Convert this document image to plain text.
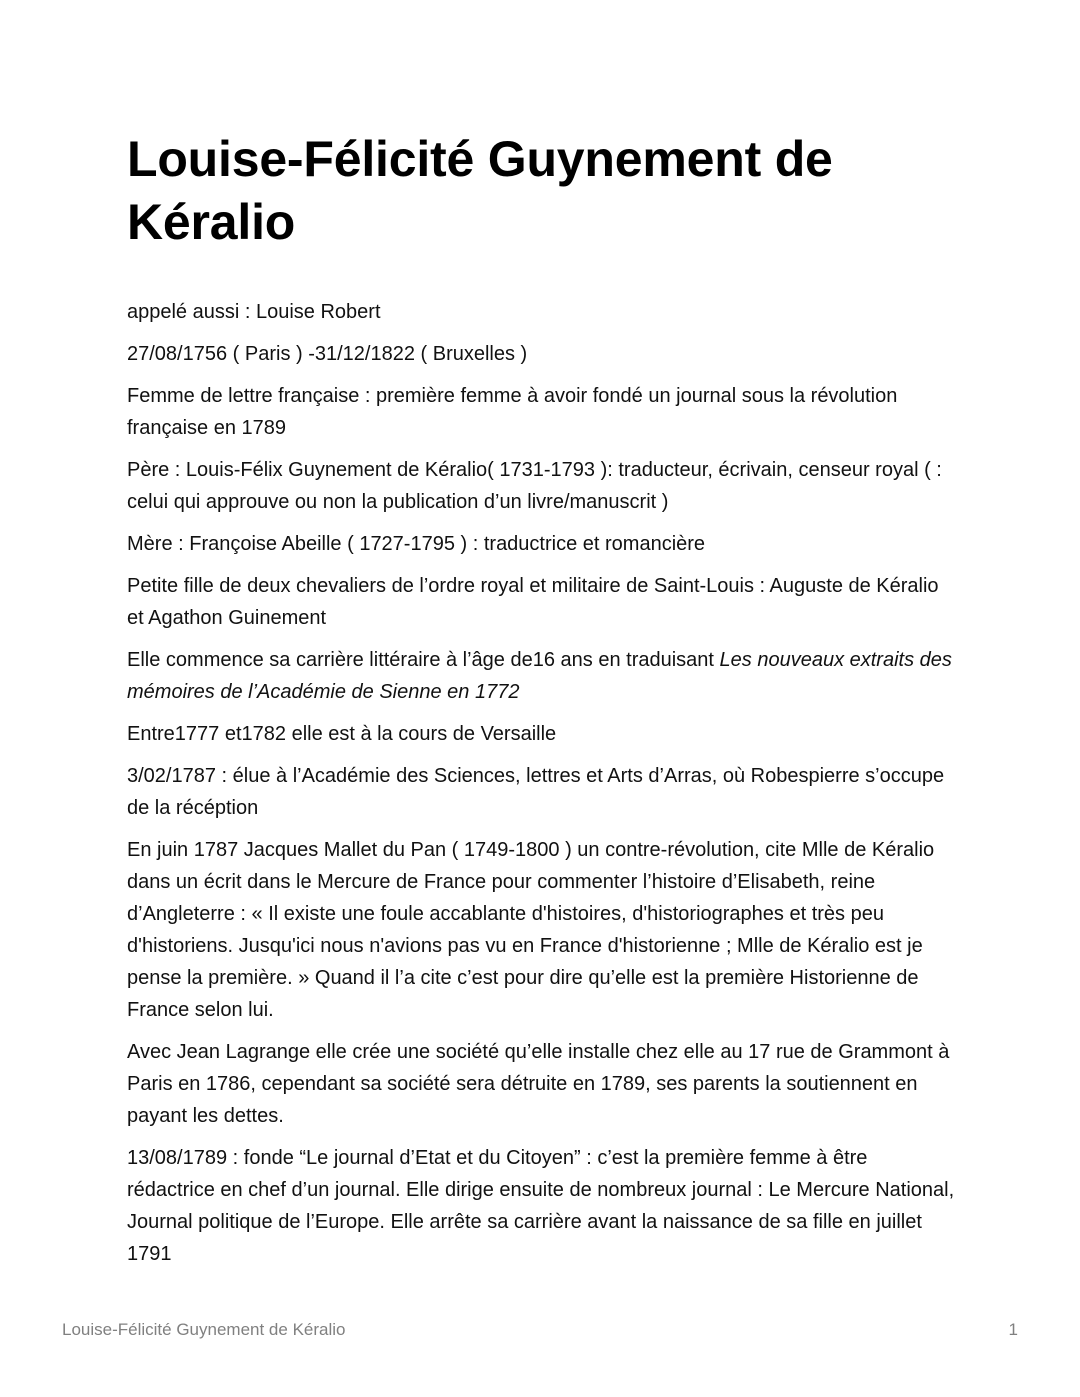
Louise-Félicité Guynement de Kéralio

appelé aussi : Louise Robert

27/08/1756 ( Paris ) -31/12/1822 ( Bruxelles )

Femme de lettre française : première femme à avoir fondé un journal sous la révolution française en 1789

Père : Louis-Félix Guynement de Kéralio( 1731-1793 ): traducteur, écrivain, censeur royal ( : celui qui approuve ou non la publication d’un livre/manuscrit )

Mère : Françoise Abeille ( 1727-1795 ) : traductrice et romancière

Petite fille de deux chevaliers de l’ordre royal et militaire de Saint-Louis : Auguste de Kéralio et Agathon Guinement

Elle commence sa carrière littéraire à l’âge de16 ans en traduisant Les nouveaux extraits des mémoires de l’Académie de Sienne en 1772

Entre1777 et1782 elle est à la cours de Versaille

3/02/1787 : élue à l’Académie des Sciences, lettres et Arts d’Arras, où Robespierre s’occupe de la récéption

En juin 1787 Jacques Mallet du Pan ( 1749-1800 ) un contre-révolution, cite Mlle de Kéralio dans un écrit dans le Mercure de France pour commenter l’histoire d’Elisabeth, reine d’Angleterre : « Il existe une foule accablante d'histoires, d'historiographes et très peu d'historiens. Jusqu'ici nous n'avions pas vu en France d'historienne ; Mlle de Kéralio est je pense la première. » Quand il l’a cite c’est pour dire qu’elle est la première Historienne de France selon lui.

Avec Jean Lagrange elle crée une société qu’elle installe chez elle au 17 rue de Grammont à Paris en 1786, cependant sa société sera détruite en 1789, ses parents la soutiennent en payant les dettes.

13/08/1789 : fonde “Le journal d’Etat et du Citoyen” : c’est la première femme à être rédactrice en chef d’un journal. Elle dirige ensuite de nombreux journal : Le Mercure National, Journal politique de l’Europe. Elle arrête sa carrière avant la naissance de sa fille en juillet 1791

Louise-Félicité Guynement de Kéralio	1
